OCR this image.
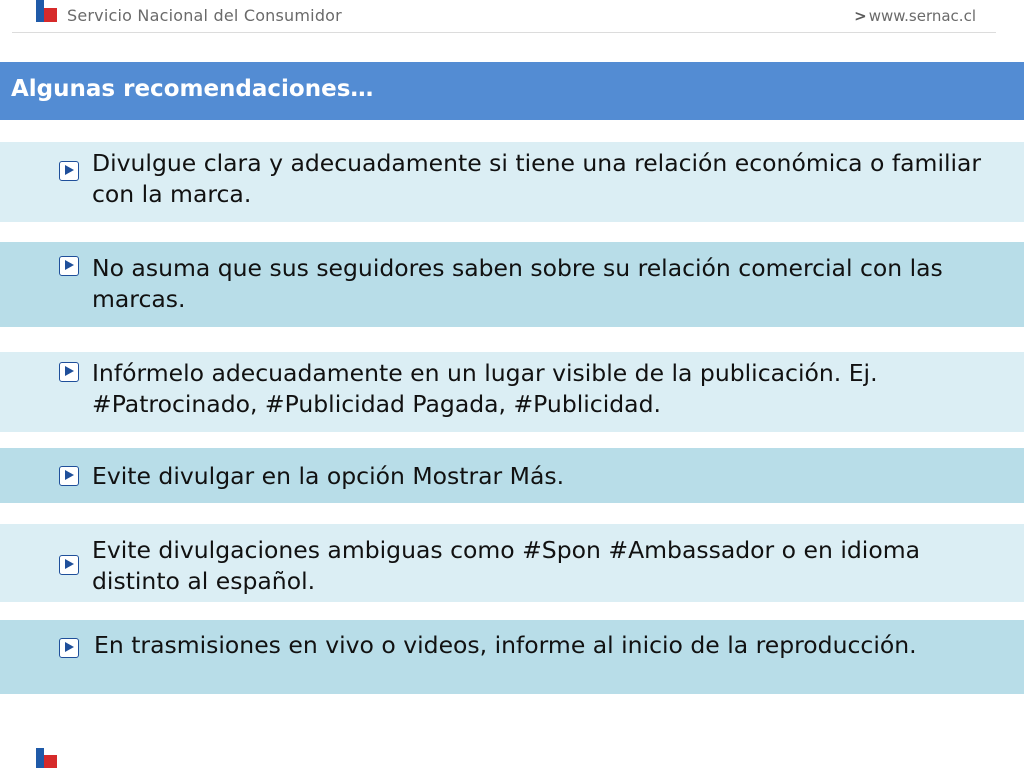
Servicio Nacional del Consumidor	> www.sernac.cl
Algunas recomendaciones…
Divulgue clara y adecuadamente si tiene una relación económica o familiar con la marca.
No asuma que sus seguidores saben sobre su relación comercial con las marcas.
Infórmelo adecuadamente en un lugar visible de la publicación. Ej. #Patrocinado, #Publicidad Pagada, #Publicidad.
Evite divulgar en la opción Mostrar Más.
Evite divulgaciones ambiguas como #Spon #Ambassador o en idioma distinto al español.
En trasmisiones en vivo o videos, informe al inicio de la reproducción.
